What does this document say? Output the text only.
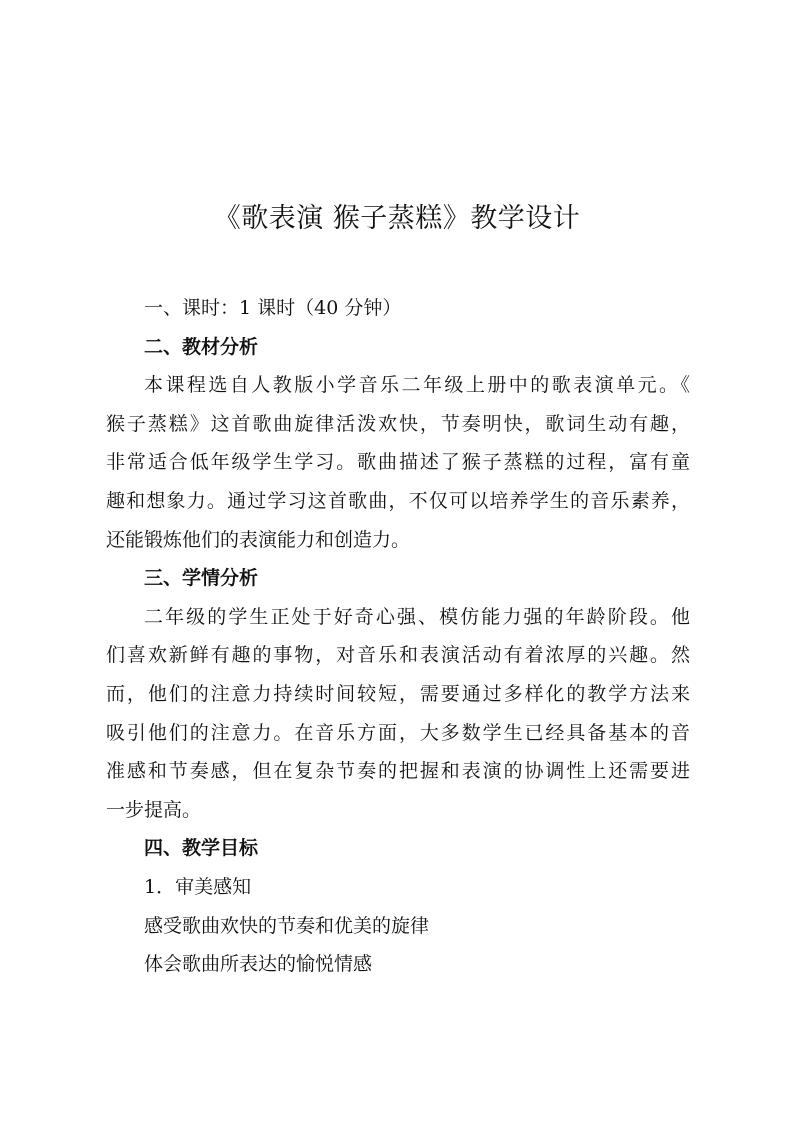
《歌表演 猴子蒸糕》教学设计

一、课时：1 课时（40 分钟）

二、教材分析

本课程选自人教版小学音乐二年级上册中的歌表演单元。《

猴子蒸糕》这首歌曲旋律活泼欢快，节奏明快，歌词生动有趣，

非常适合低年级学生学习。歌曲描述了猴子蒸糕的过程，富有童

趣和想象力。通过学习这首歌曲，不仅可以培养学生的音乐素养，

还能锻炼他们的表演能力和创造力。

三、学情分析

二年级的学生正处于好奇心强、模仿能力强的年龄阶段。他

们喜欢新鲜有趣的事物，对音乐和表演活动有着浓厚的兴趣。然

而，他们的注意力持续时间较短，需要通过多样化的教学方法来

吸引他们的注意力。在音乐方面，大多数学生已经具备基本的音

准感和节奏感，但在复杂节奏的把握和表演的协调性上还需要进

一步提高。

四、教学目标

1．审美感知

感受歌曲欢快的节奏和优美的旋律

体会歌曲所表达的愉悦情感
